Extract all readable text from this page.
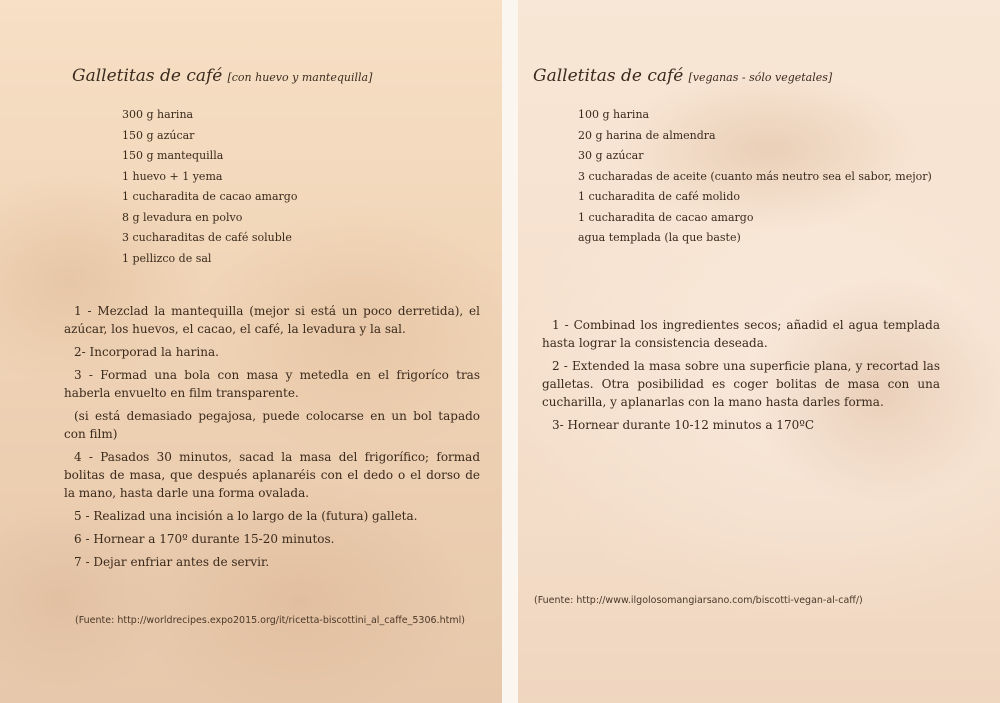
Galletitas de café [con huevo y mantequilla]
300 g harina
150 g azúcar
150 g mantequilla
1 huevo + 1 yema
1 cucharadita de cacao amargo
8 g levadura en polvo
3 cucharaditas de café soluble
1 pellizco de sal

1 - Mezclad la mantequilla (mejor si está un poco derretida), el azúcar, los huevos, el cacao, el café, la levadura y la sal.

2- Incorporad la harina.

3 - Formad una bola con masa y metedla en el frigoríco tras haberla envuelto en film transparente.

(si está demasiado pegajosa, puede colocarse en un bol tapado con film)

4 - Pasados 30 minutos, sacad la masa del frigorífico; formad bolitas de masa, que después aplanaréis con el dedo o el dorso de la mano, hasta darle una forma ovalada.

5 - Realizad una incisión a lo largo de la (futura) galleta.

6 - Hornear a 170º durante 15-20 minutos.

7 - Dejar enfriar antes de servir.

(Fuente: http://worldrecipes.expo2015.org/it/ricetta-biscottini_al_caffe_5306.html)
Galletitas de café [veganas - sólo vegetales]
100 g harina
20 g harina de almendra
30 g azúcar
3 cucharadas de aceite (cuanto más neutro sea el sabor, mejor)
1 cucharadita de café molido
1 cucharadita de cacao amargo
agua templada (la que baste)

1 - Combinad los ingredientes secos; añadid el agua templada hasta lograr la consistencia deseada.

2 - Extended la masa sobre una superficie plana, y recortad las galletas. Otra posibilidad es coger bolitas de masa con una cucharilla, y aplanarlas con la mano hasta darles forma.

3- Hornear durante 10-12 minutos a 170ºC

(Fuente: http://www.ilgolosomangiarsano.com/biscotti-vegan-al-caff/)
